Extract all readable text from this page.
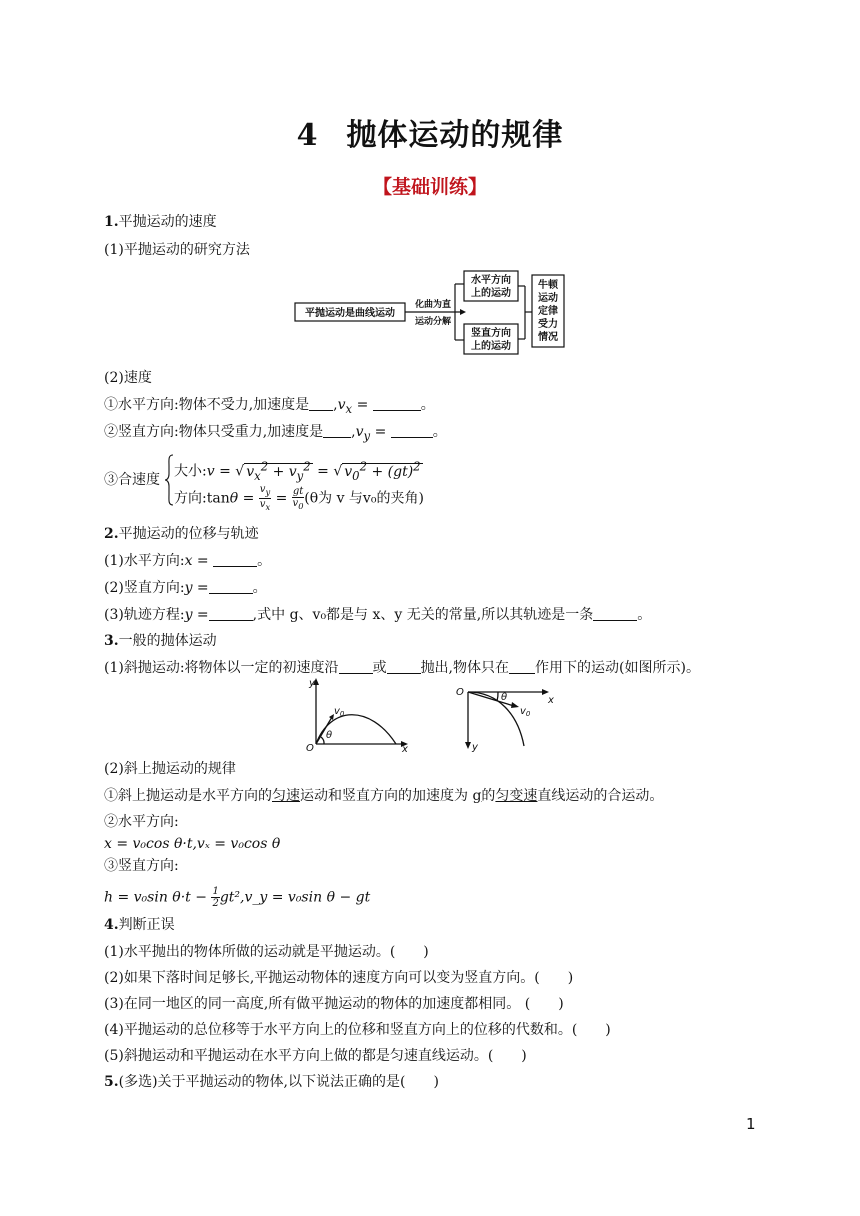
4 抛体运动的规律
【基础训练】
1.平抛运动的速度
(1)平抛运动的研究方法
平抛运动是曲线运动
化曲为直
运动分解
水平方向
上的运动
竖直方向
上的运动
牛顿
运动
定律
受力
情况
(2)速度
①水平方向:物体不受力,加速度是 $,v_x$ =	。
②竖直方向:物体只受重力,加速度是 $,v_y$ =	。
③合速度
大小:v = √ $v_x^2 + v_y^2$ = √ $v_0^2 + (gt)^2$
方向:tanθ = $\frac{v_y}{v_x} = \frac{gt}{v_0} (\theta$为 v 与v₀的夹角)
2.平抛运动的位移与轨迹
(1)水平方向:x =	。
(2)竖直方向:y =	。
(3)轨迹方程:y =	,式中 g、v₀都是与 x、y 无关的常量,所以其轨迹是一条	。
3.一般的抛体运动
(1)斜抛运动:将物体以一定的初速度沿 或 抛出,物体只在 作用下的运动(如图所示)。
y
$v_0$
θ
O	x
O	θ
$v_0$
x
y
(2)斜上抛运动的规律
①斜上抛运动是水平方向的匀速运动和竖直方向的加速度为 g的匀变速直线运动的合运动。
②水平方向:
x = v₀cos θ·t,vₓ = v₀cos θ
③竖直方向:
h = v₀sin $\theta\cdot t - \frac{1}{2}$ gt²,v_y = v₀sin θ − gt
4.判断正误
(1)水平抛出的物体所做的运动就是平抛运动。(　　)
(2)如果下落时间足够长,平抛运动物体的速度方向可以变为竖直方向。(　　)
(3)在同一地区的同一高度,所有做平抛运动的物体的加速度都相同。 (　　)
(4)平抛运动的总位移等于水平方向上的位移和竖直方向上的位移的代数和。(　　)
(5)斜抛运动和平抛运动在水平方向上做的都是匀速直线运动。(　　)
5.(多选)关于平抛运动的物体,以下说法正确的是(　　)
1
